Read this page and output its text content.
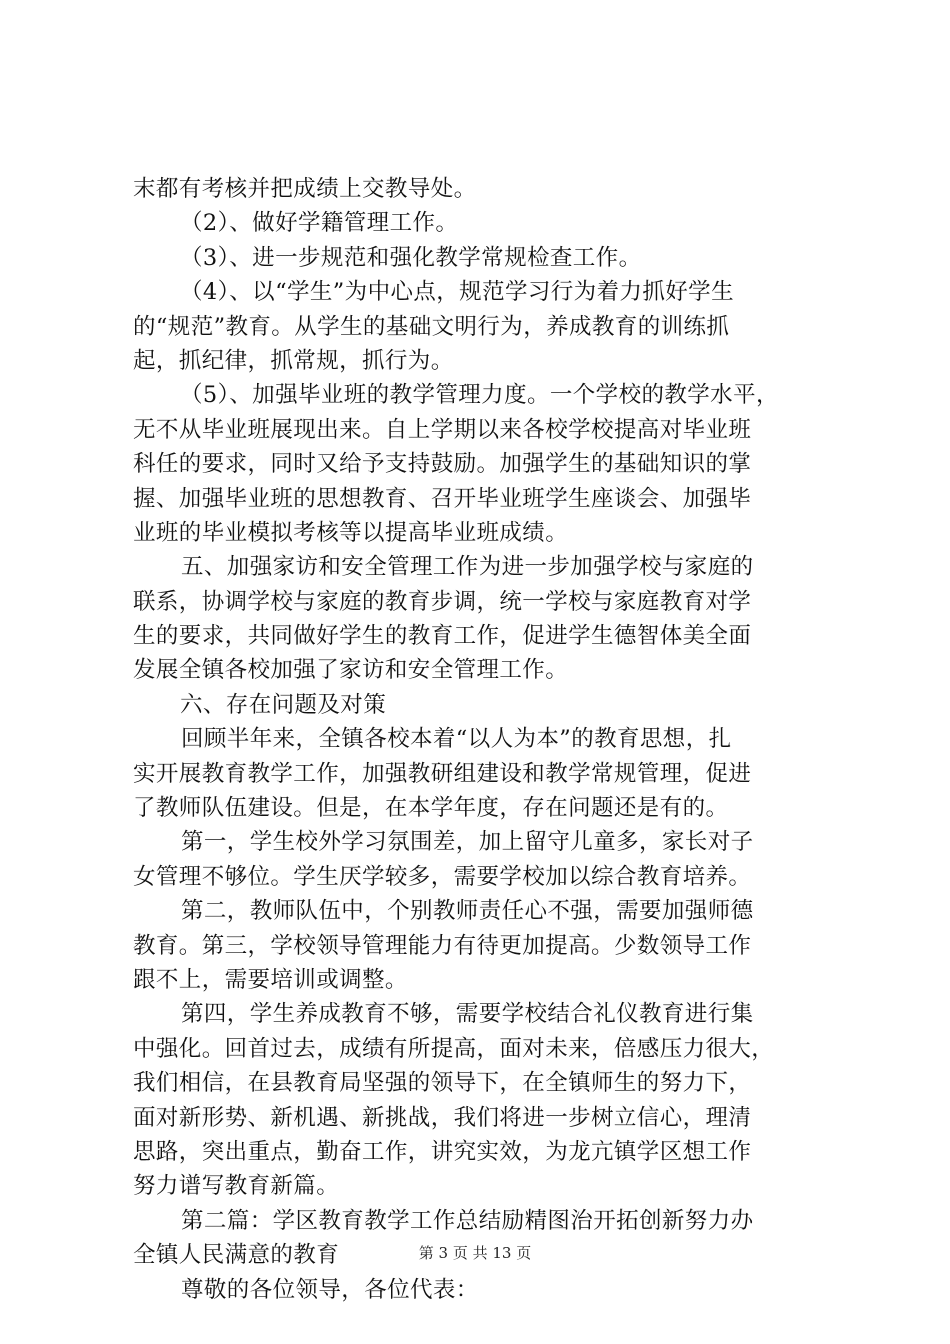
末都有考核并把成绩上交教导处。
（2）、做好学籍管理工作。
（3）、进一步规范和强化教学常规检查工作。
（4）、以“学生”为中心点，规范学习行为着力抓好学生
的“规范”教育。从学生的基础文明行为，养成教育的训练抓
起，抓纪律，抓常规，抓行为。
（5）、加强毕业班的教学管理力度。一个学校的教学水平，
无不从毕业班展现出来。自上学期以来各校学校提高对毕业班
科任的要求，同时又给予支持鼓励。加强学生的基础知识的掌
握、加强毕业班的思想教育、召开毕业班学生座谈会、加强毕
业班的毕业模拟考核等以提高毕业班成绩。
五、加强家访和安全管理工作为进一步加强学校与家庭的
联系，协调学校与家庭的教育步调，统一学校与家庭教育对学
生的要求，共同做好学生的教育工作，促进学生德智体美全面
发展全镇各校加强了家访和安全管理工作。
六、存在问题及对策
回顾半年来，全镇各校本着“以人为本”的教育思想，扎
实开展教育教学工作，加强教研组建设和教学常规管理，促进
了教师队伍建设。但是，在本学年度，存在问题还是有的。
第一，学生校外学习氛围差，加上留守儿童多，家长对子
女管理不够位。学生厌学较多，需要学校加以综合教育培养。
第二，教师队伍中，个别教师责任心不强，需要加强师德
教育。第三，学校领导管理能力有待更加提高。少数领导工作
跟不上，需要培训或调整。
第四，学生养成教育不够，需要学校结合礼仪教育进行集
中强化。回首过去，成绩有所提高，面对未来，倍感压力很大，
我们相信，在县教育局坚强的领导下，在全镇师生的努力下，
面对新形势、新机遇、新挑战，我们将进一步树立信心，理清
思路，突出重点，勤奋工作，讲究实效，为龙亢镇学区想工作
努力谱写教育新篇。
第二篇：学区教育教学工作总结励精图治开拓创新努力办
全镇人民满意的教育
尊敬的各位领导，各位代表：
第 3 页 共 13 页
